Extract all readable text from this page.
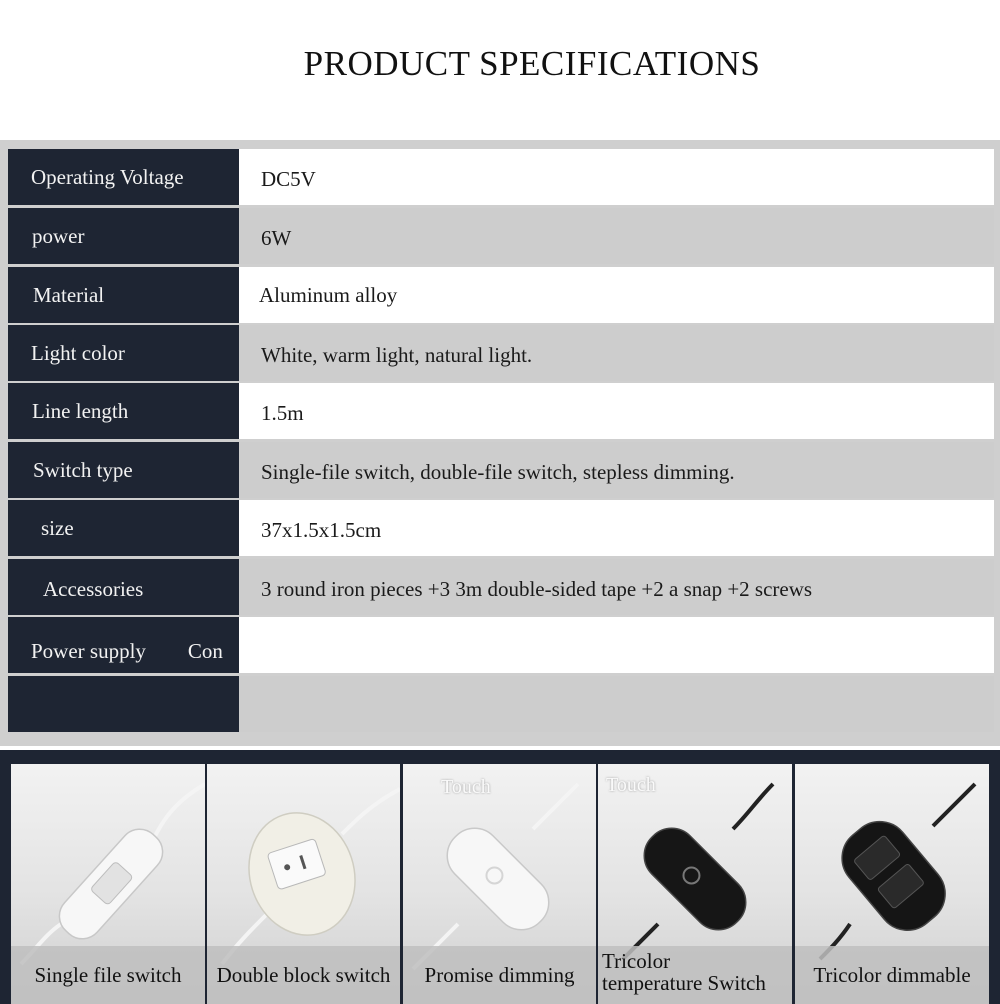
PRODUCT SPECIFICATIONS
Operating Voltage	DC5V
power	6W
Material	Aluminum alloy
Light color	White, warm light, natural light.
Line length	1.5m
Switch type	Single-file switch, double-file switch, stepless dimming.
size	37x1.5x1.5cm
Accessories	3 round iron pieces +3 3m double-sided tape +2 a snap +2 screws
Power supply Con
Single file switch	Double block switch
Touch
Promise dimming
Touch
Tricolor
temperature Switch	Tricolor dimmable
